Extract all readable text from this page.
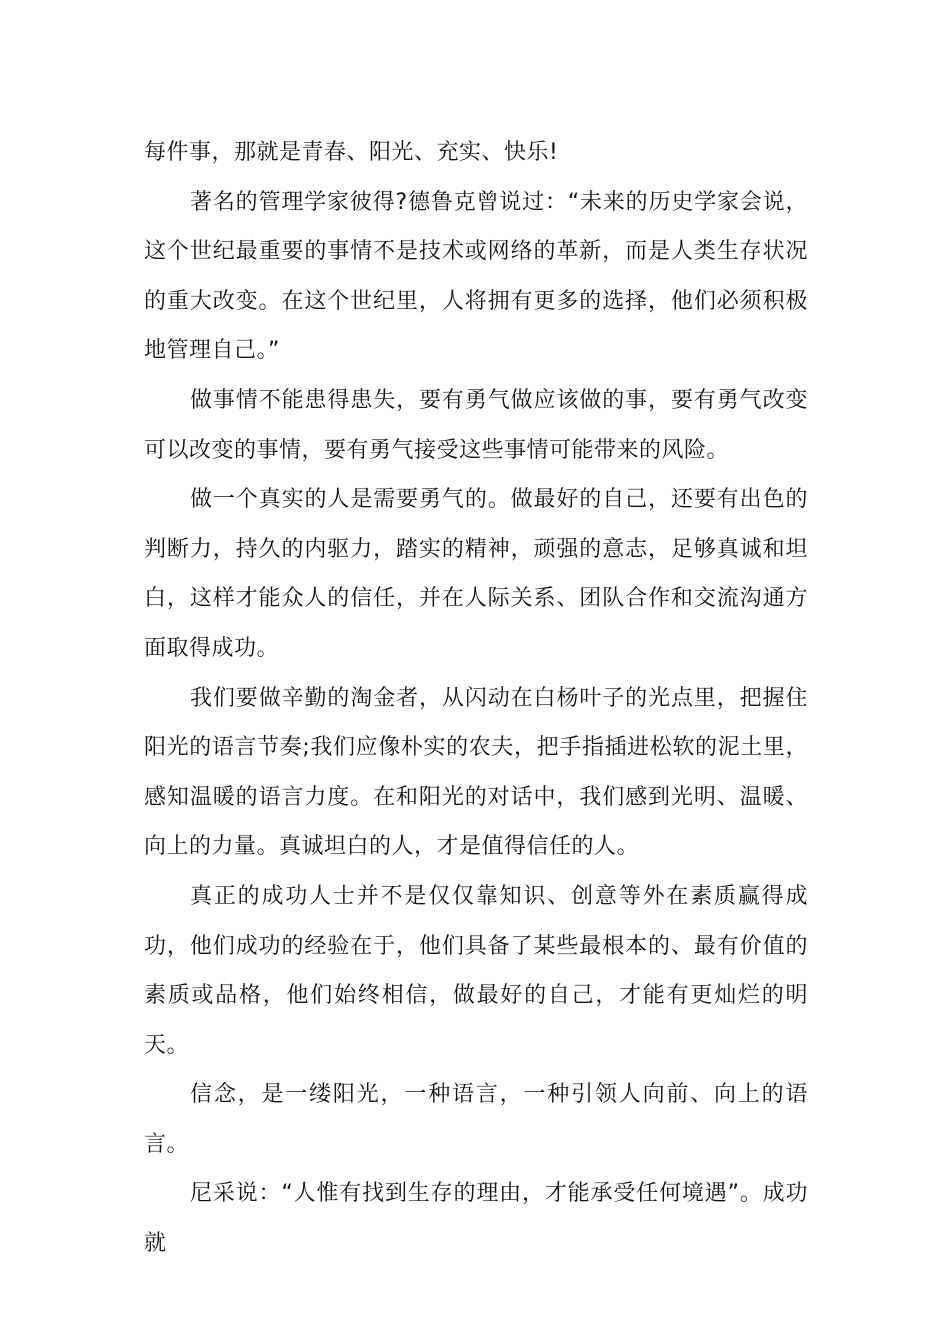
每件事，那就是青春、阳光、充实、快乐!

著名的管理学家彼得?德鲁克曾说过：“未来的历史学家会说，这个世纪最重要的事情不是技术或网络的革新，而是人类生存状况的重大改变。在这个世纪里，人将拥有更多的选择，他们必须积极地管理自己。”

做事情不能患得患失，要有勇气做应该做的事，要有勇气改变可以改变的事情，要有勇气接受这些事情可能带来的风险。

做一个真实的人是需要勇气的。做最好的自己，还要有出色的判断力，持久的内驱力，踏实的精神，顽强的意志，足够真诚和坦白，这样才能众人的信任，并在人际关系、团队合作和交流沟通方面取得成功。

我们要做辛勤的淘金者，从闪动在白杨叶子的光点里，把握住阳光的语言节奏;我们应像朴实的农夫，把手指插进松软的泥土里，感知温暖的语言力度。在和阳光的对话中，我们感到光明、温暖、向上的力量。真诚坦白的人，才是值得信任的人。

真正的成功人士并不是仅仅靠知识、创意等外在素质赢得成功，他们成功的经验在于，他们具备了某些最根本的、最有价值的素质或品格，他们始终相信，做最好的自己，才能有更灿烂的明天。

信念，是一缕阳光，一种语言，一种引领人向前、向上的语言。

尼采说：“人惟有找到生存的理由，才能承受任何境遇”。成功就
